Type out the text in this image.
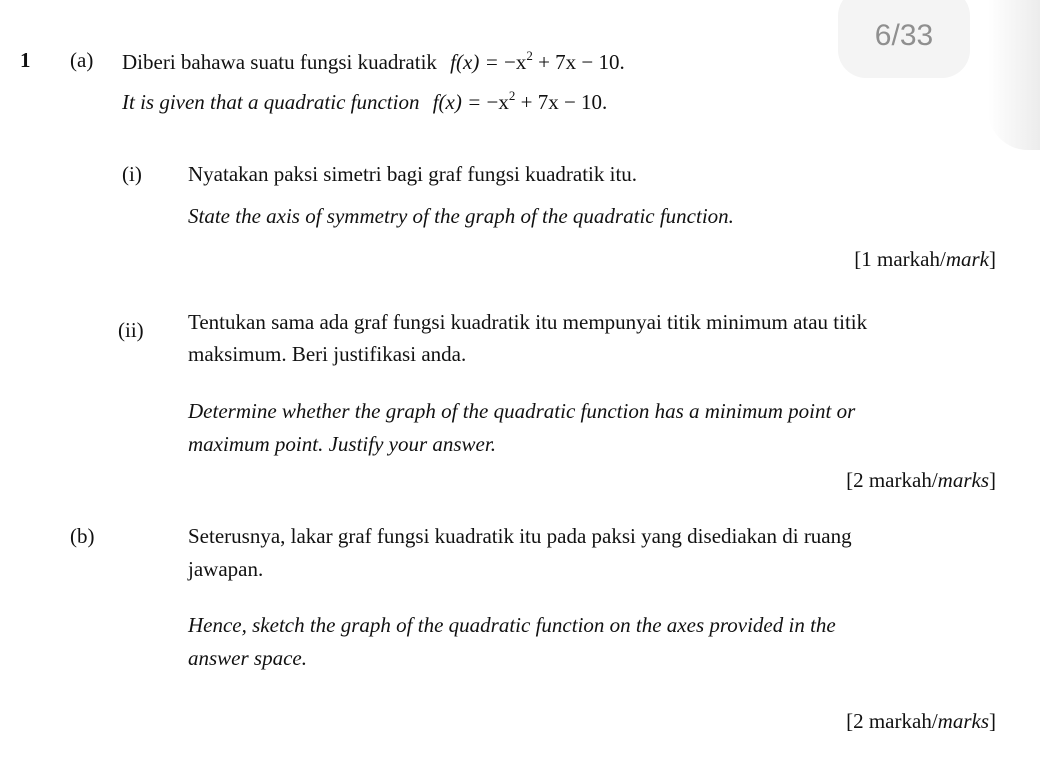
6/33
1 (a) Diberi bahawa suatu fungsi kuadratik $f(x) = -x^2 + 7x - 10$.
It is given that a quadratic function $f(x) = -x^2 + 7x - 10$.
(i) Nyatakan paksi simetri bagi graf fungsi kuadratik itu.
State the axis of symmetry of the graph of the quadratic function.
[1 markah/mark]
(ii) Tentukan sama ada graf fungsi kuadratik itu mempunyai titik minimum atau titik
maksimum. Beri justifikasi anda.
Determine whether the graph of the quadratic function has a minimum point or
maximum point. Justify your answer.
[2 markah/marks]
(b)	Seterusnya, lakar graf fungsi kuadratik itu pada paksi yang disediakan di ruang
jawapan.
Hence, sketch the graph of the quadratic function on the axes provided in the
answer space.
[2 markah/marks]
